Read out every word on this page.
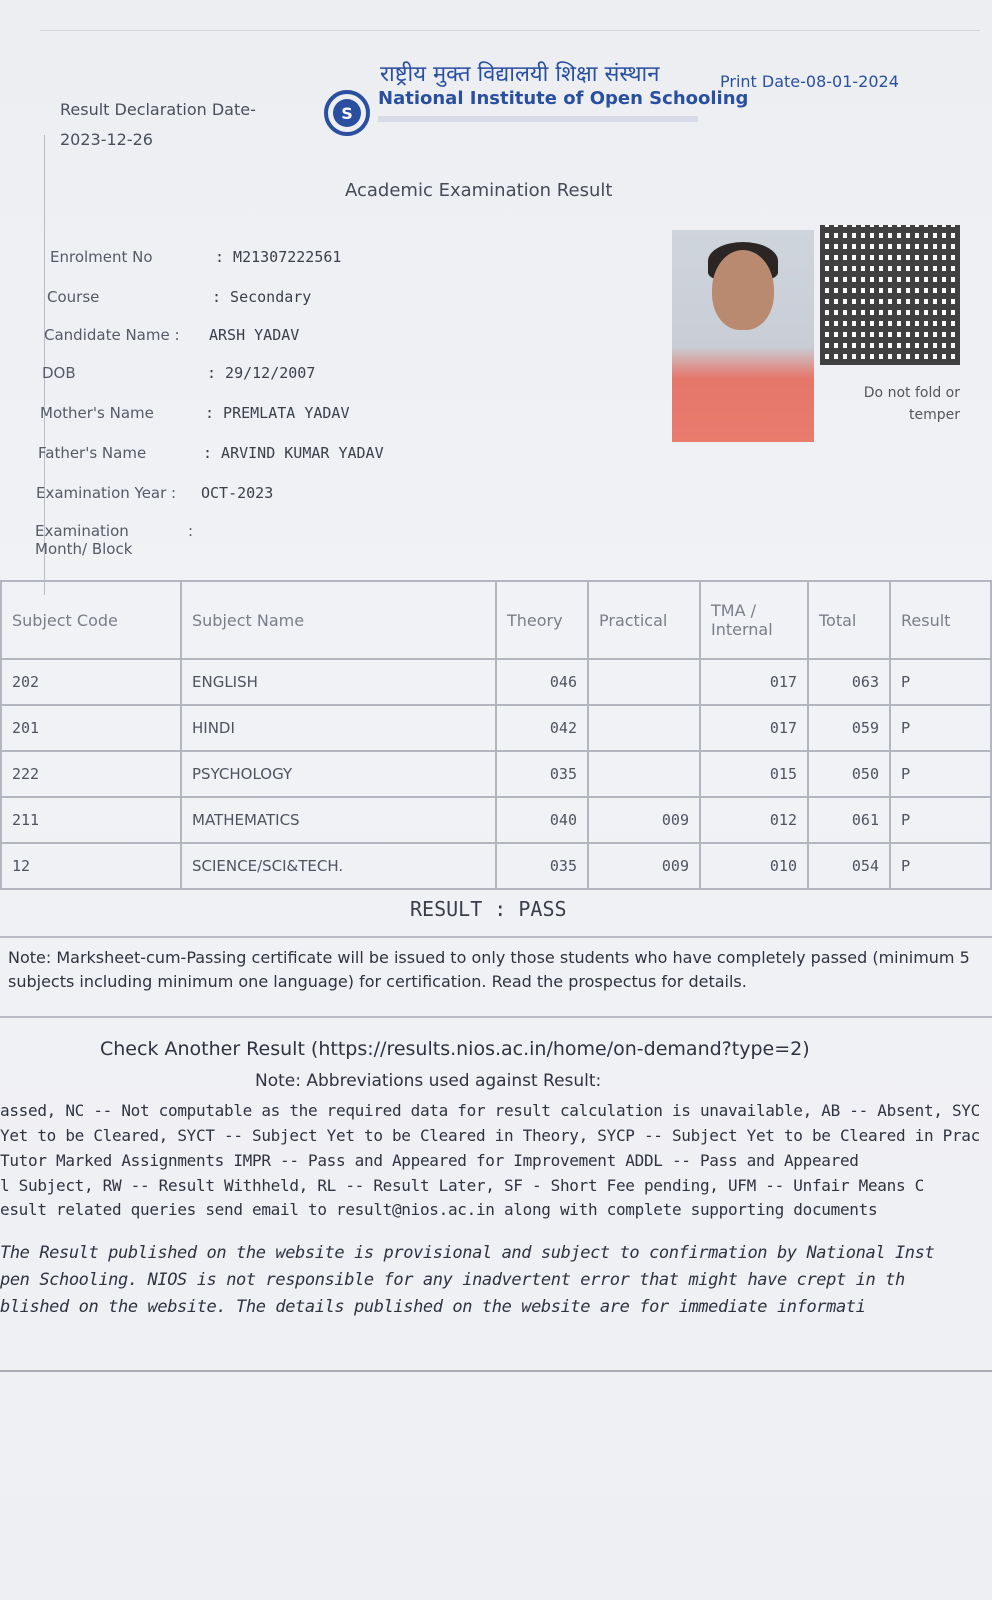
Result Declaration Date-
2023-12-26
S
राष्ट्रीय मुक्त विद्यालयी शिक्षा संस्थान
National Institute of Open Schooling
Print Date-08-01-2024
Academic Examination Result
Enrolment No	: M21307222561
Course	: Secondary
Candidate Name : ARSH YADAV
DOB	: 29/12/2007
Mother's Name	: PREMLATA YADAV
Father's Name	: ARVIND KUMAR YADAV
Examination Year : OCT-2023
Examination
Month/ Block
:
Do not fold or temper
Subject Code	Subject Name	Theory	Practical	TMA / Internal	Total	Result
202	ENGLISH	046		017	063	P
201	HINDI	042		017	059	P
222	PSYCHOLOGY	035		015	050	P
211	MATHEMATICS	040	009	012	061	P
12	SCIENCE/SCI&TECH.	035	009	010	054	P
RESULT : PASS
Note: Marksheet-cum-Passing certificate will be issued to only those students who have completely passed (minimum 5 subjects including minimum one language) for certification. Read the prospectus for details.
Check Another Result (https://results.nios.ac.in/home/on-demand?type=2)
Note: Abbreviations used against Result:
assed, NC -- Not computable as the required data for result calculation is unavailable, AB -- Absent, SYC
Yet to be Cleared, SYCT -- Subject Yet to be Cleared in Theory, SYCP -- Subject Yet to be Cleared in Prac
Tutor Marked Assignments IMPR -- Pass and Appeared for Improvement ADDL -- Pass and Appeared
l Subject, RW -- Result Withheld, RL -- Result Later, SF - Short Fee pending, UFM -- Unfair Means C
esult related queries send email to result@nios.ac.in along with complete supporting documents
The Result published on the website is provisional and subject to confirmation by National Inst
pen Schooling. NIOS is not responsible for any inadvertent error that might have crept in th
blished on the website. The details published on the website are for immediate informati
